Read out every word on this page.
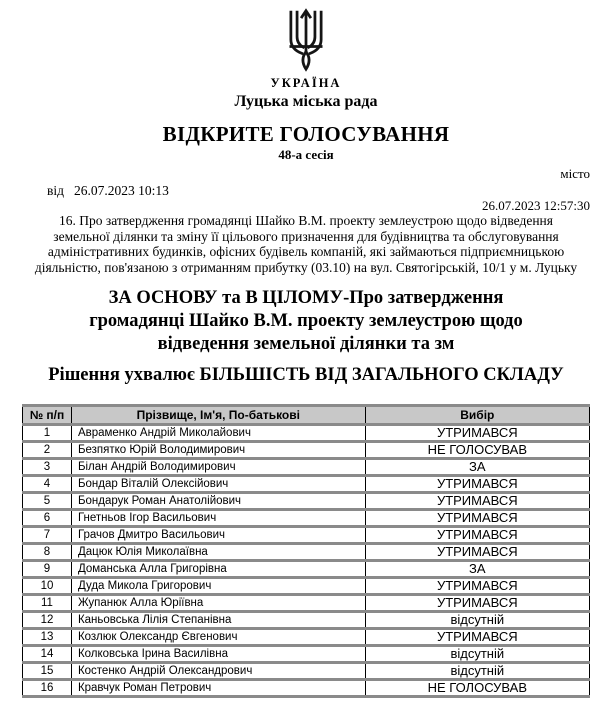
УКРАЇНА
Луцька міська рада
ВІДКРИТЕ ГОЛОСУВАННЯ
48-а сесія
місто
від 26.07.2023 10:13
26.07.2023 12:57:30

16. Про затвердження громадянці Шайко В.М. проекту землеустрою щодо відведення земельної ділянки та зміну її цільового призначення для будівництва та обслуговування адміністративних будинків, офісних будівель компаній, які займаються підприємницькою діяльністю, пов'язаною з отриманням прибутку (03.10) на вул. Святогірській, 10/1 у м. Луцьку

ЗА ОСНОВУ та В ЦІЛОМУ-Про затвердження громадянці Шайко В.М. проекту землеустрою щодо відведення земельної ділянки та зм
Рішення ухвалює БІЛЬШІСТЬ ВІД ЗАГАЛЬНОГО СКЛАДУ
№ п/п	Прізвище, Ім'я, По-батькові	Вибір
1	Авраменко Андрій Миколайович	УТРИМАВСЯ
2	Безпятко Юрій Володимирович	НЕ ГОЛОСУВАВ
3	Білан Андрій Володимирович	ЗА
4	Бондар Віталій Олексійович	УТРИМАВСЯ
5	Бондарук Роман Анатолійович	УТРИМАВСЯ
6	Гнетньов Ігор Васильович	УТРИМАВСЯ
7	Грачов Дмитро Васильович	УТРИМАВСЯ
8	Дацюк Юлія Миколаївна	УТРИМАВСЯ
9	Доманська Алла Григорівна	ЗА
10	Дуда Микола Григорович	УТРИМАВСЯ
11	Жупанюк Алла Юріївна	УТРИМАВСЯ
12	Каньовська Лілія Степанівна	відсутній
13	Козлюк Олександр Євгенович	УТРИМАВСЯ
14	Колковська Ірина Василівна	відсутній
15	Костенко Андрій Олександрович	відсутній
16	Кравчук Роман Петрович	НЕ ГОЛОСУВАВ
